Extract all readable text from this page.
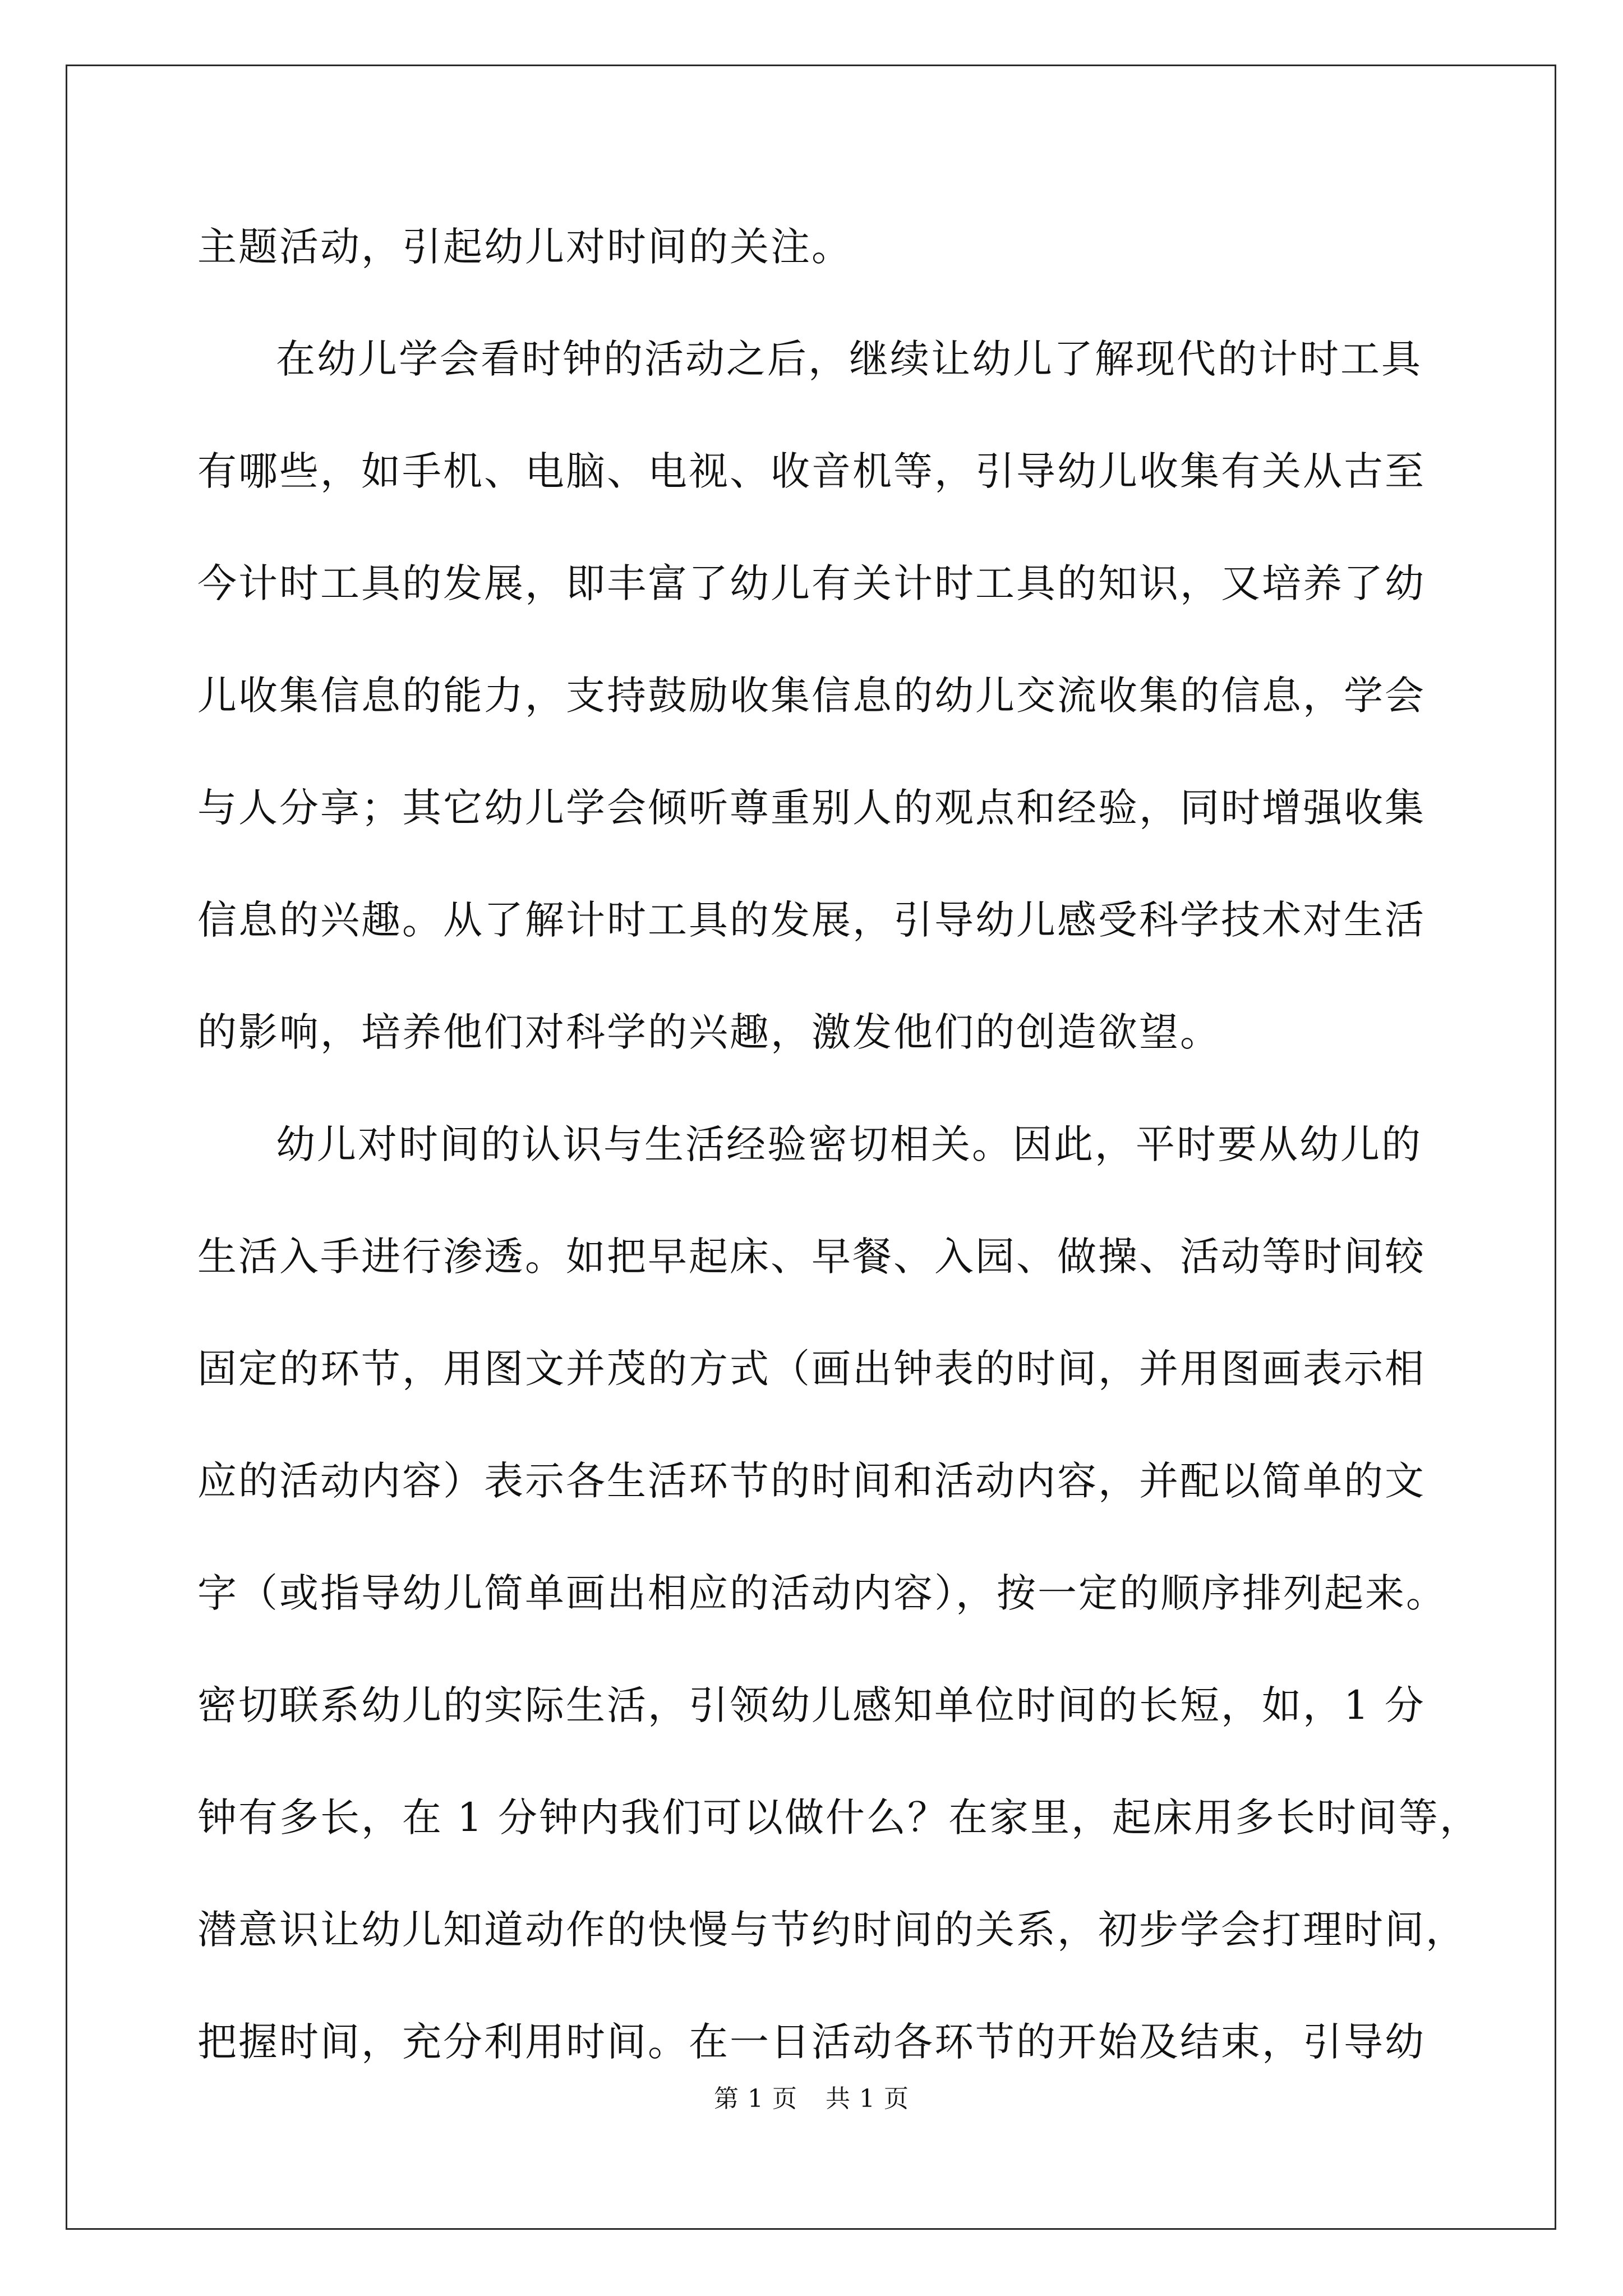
主题活动，引起幼儿对时间的关注。
在幼儿学会看时钟的活动之后，继续让幼儿了解现代的计时工具
有哪些，如手机、电脑、电视、收音机等，引导幼儿收集有关从古至
今计时工具的发展，即丰富了幼儿有关计时工具的知识，又培养了幼
儿收集信息的能力，支持鼓励收集信息的幼儿交流收集的信息，学会
与人分享；其它幼儿学会倾听尊重别人的观点和经验，同时增强收集
信息的兴趣。从了解计时工具的发展，引导幼儿感受科学技术对生活
的影响，培养他们对科学的兴趣，激发他们的创造欲望。
幼儿对时间的认识与生活经验密切相关。因此，平时要从幼儿的
生活入手进行渗透。如把早起床、早餐、入园、做操、活动等时间较
固定的环节，用图文并茂的方式（画出钟表的时间，并用图画表示相
应的活动内容）表示各生活环节的时间和活动内容，并配以简单的文
字（或指导幼儿简单画出相应的活动内容），按一定的顺序排列起来。
密切联系幼儿的实际生活，引领幼儿感知单位时间的长短，如，1 分
钟有多长，在 1 分钟内我们可以做什么？在家里，起床用多长时间等，
潜意识让幼儿知道动作的快慢与节约时间的关系，初步学会打理时间，
把握时间，充分利用时间。在一日活动各环节的开始及结束，引导幼
第 1 页 共 1 页
